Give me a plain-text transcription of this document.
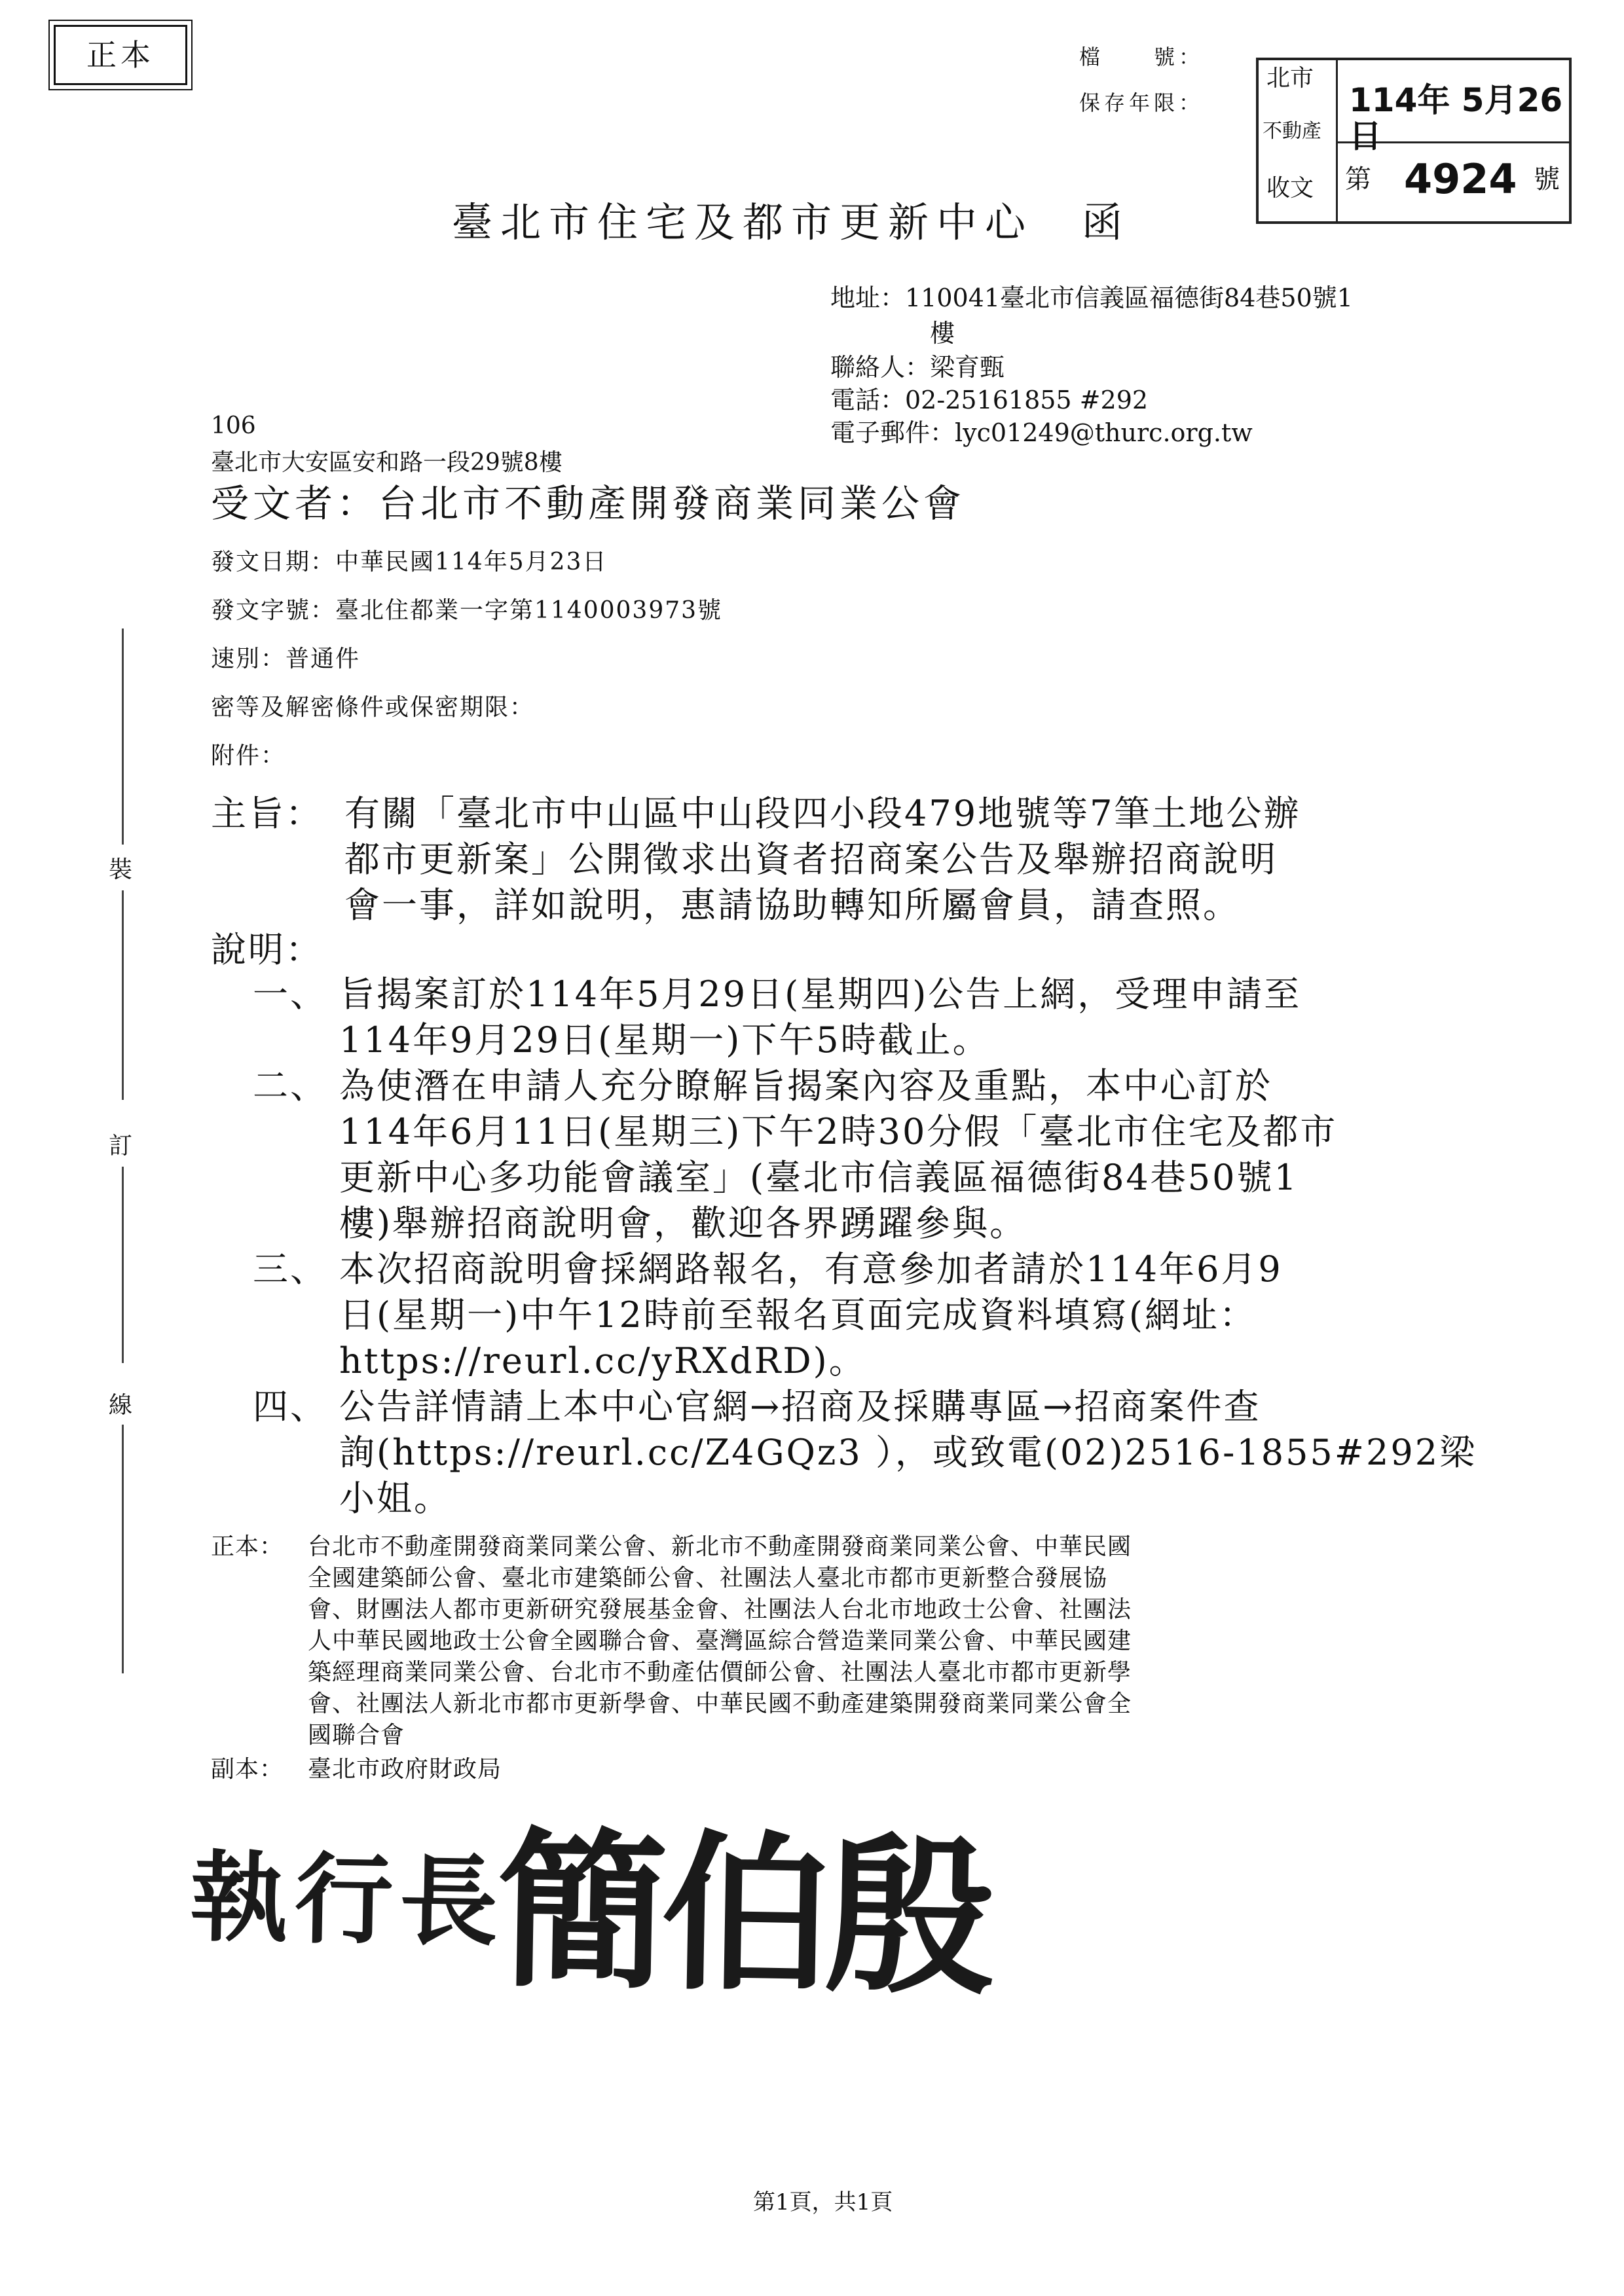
正本	檔　　號：
保存年限：
北市
不動產
收文
114年 5月26日
第 4924 號
臺北市住宅及都市更新中心　函
地址：110041臺北市信義區福德街84巷50號1
樓
聯絡人：梁育甄
電話：02-25161855 #292
電子郵件：lyc01249@thurc.org.tw
106
臺北市大安區安和路一段29號8樓
受文者：台北市不動產開發商業同業公會
發文日期：中華民國114年5月23日
發文字號：臺北住都業一字第1140003973號
速別：普通件
密等及解密條件或保密期限：
附件：
裝
訂
線
主旨： 有關「臺北市中山區中山段四小段479地號等7筆土地公辦
都市更新案」公開徵求出資者招商案公告及舉辦招商說明
會一事，詳如說明，惠請協助轉知所屬會員，請查照。
說明：
一、 旨揭案訂於114年5月29日(星期四)公告上網，受理申請至
114年9月29日(星期一)下午5時截止。
二、 為使潛在申請人充分瞭解旨揭案內容及重點，本中心訂於
114年6月11日(星期三)下午2時30分假「臺北市住宅及都市
更新中心多功能會議室」(臺北市信義區福德街84巷50號1
樓)舉辦招商說明會，歡迎各界踴躍參與。
三、 本次招商說明會採網路報名，有意參加者請於114年6月9
日(星期一)中午12時前至報名頁面完成資料填寫(網址：
https://reurl.cc/yRXdRD)。
四、 公告詳情請上本中心官網→招商及採購專區→招商案件查
詢(https://reurl.cc/Z4GQz3 ），或致電(02)2516-1855#292梁
小姐。
正本： 台北市不動產開發商業同業公會、新北市不動產開發商業同業公會、中華民國
全國建築師公會、臺北市建築師公會、社團法人臺北市都市更新整合發展協
會、財團法人都市更新研究發展基金會、社團法人台北市地政士公會、社團法
人中華民國地政士公會全國聯合會、臺灣區綜合營造業同業公會、中華民國建
築經理商業同業公會、台北市不動產估價師公會、社團法人臺北市都市更新學
會、社團法人新北市都市更新學會、中華民國不動產建築開發商業同業公會全
國聯合會
副本： 臺北市政府財政局
執行長
簡伯殷
第1頁，共1頁
